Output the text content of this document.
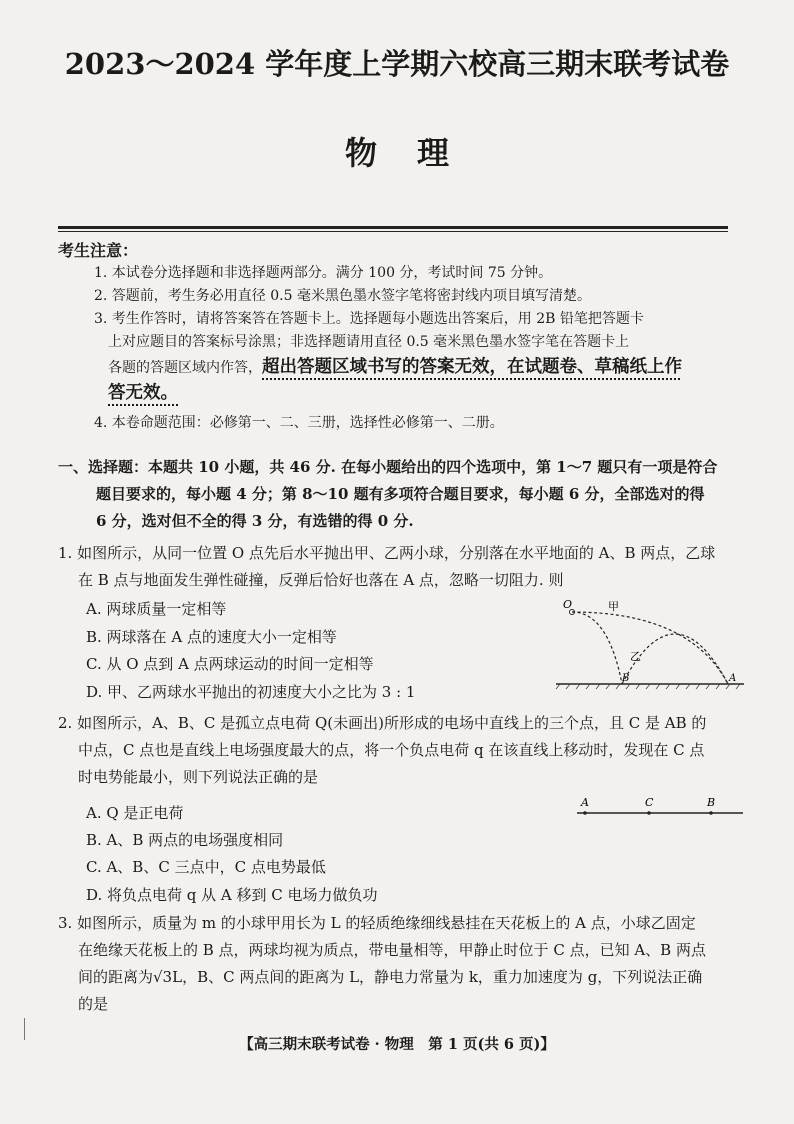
2023～2024 学年度上学期六校高三期末联考试卷
物理
考生注意：
1. 本试卷分选择题和非选择题两部分。满分 100 分，考试时间 75 分钟。
2. 答题前，考生务必用直径 0.5 毫米黑色墨水签字笔将密封线内项目填写清楚。
3. 考生作答时，请将答案答在答题卡上。选择题每小题选出答案后，用 2B 铅笔把答题卡
上对应题目的答案标号涂黑；非选择题请用直径 0.5 毫米黑色墨水签字笔在答题卡上
各题的答题区域内作答，超出答题区域书写的答案无效，在试题卷、草稿纸上作
答无效。
4. 本卷命题范围：必修第一、二、三册，选择性必修第一、二册。
一、选择题：本题共 10 小题，共 46 分. 在每小题给出的四个选项中，第 1～7 题只有一项是符合
题目要求的，每小题 4 分；第 8～10 题有多项符合题目要求，每小题 6 分，全部选对的得
6 分，选对但不全的得 3 分，有选错的得 0 分.
1. 如图所示，从同一位置 O 点先后水平抛出甲、乙两小球，分别落在水平地面的 A、B 两点，乙球
在 B 点与地面发生弹性碰撞，反弹后恰好也落在 A 点，忽略一切阻力. 则
A. 两球质量一定相等
B. 两球落在 A 点的速度大小一定相等
C. 从 O 点到 A 点两球运动的时间一定相等
D. 甲、乙两球水平抛出的初速度大小之比为 3 : 1
O	甲
乙
B	A
2. 如图所示，A、B、C 是孤立点电荷 Q(未画出)所形成的电场中直线上的三个点，且 C 是 AB 的
中点，C 点也是直线上电场强度最大的点，将一个负点电荷 q 在该直线上移动时，发现在 C 点
时电势能最小，则下列说法正确的是
A. Q 是正电荷
B. A、B 两点的电场强度相同
C. A、B、C 三点中，C 点电势最低
D. 将负点电荷 q 从 A 移到 C 电场力做负功
A	C	B
3. 如图所示，质量为 m 的小球甲用长为 L 的轻质绝缘细线悬挂在天花板上的 A 点，小球乙固定
在绝缘天花板上的 B 点，两球均视为质点，带电量相等，甲静止时位于 C 点，已知 A、B 两点
间的距离为√3L，B、C 两点间的距离为 L，静电力常量为 k，重力加速度为 g，下列说法正确
的是
【高三期末联考试卷 · 物理　第 1 页(共 6 页)】
